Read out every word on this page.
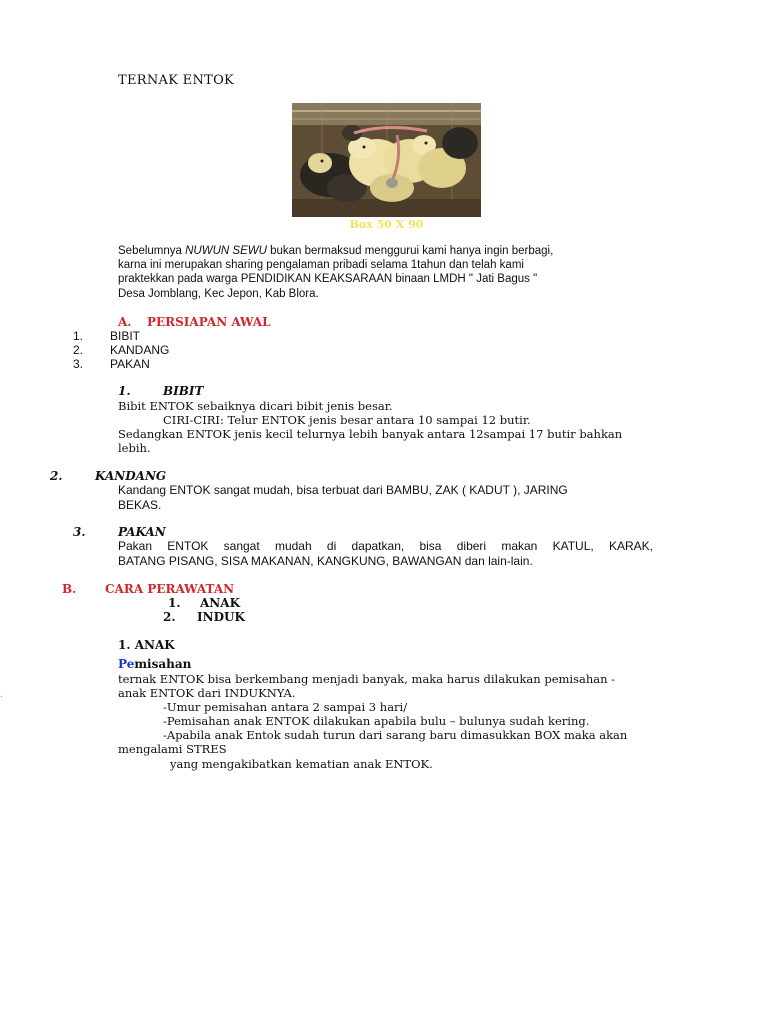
TERNAK ENTOK
Box 50 X 90
Sebelumnya NUWUN SEWU bukan bermaksud menggurui kami hanya ingin berbagi,
karna ini merupakan sharing pengalaman pribadi selama 1tahun dan telah kami
praktekkan pada warga PENDIDIKAN KEAKSARAAN binaan LMDH " Jati Bagus "
Desa Jomblang, Kec Jepon, Kab Blora.
A. PERSIAPAN AWAL
1. BIBIT
2. KANDANG
3. PAKAN
1.	BIBIT
Bibit ENTOK sebaiknya dicari bibit jenis besar.
CIRI-CIRI: Telur ENTOK jenis besar antara 10 sampai 12 butir.
Sedangkan ENTOK jenis kecil telurnya lebih banyak antara 12sampai 17 butir bahkan
lebih.
2.	KANDANG
Kandang ENTOK sangat mudah, bisa terbuat dari BAMBU, ZAK ( KADUT ), JARING
BEKAS.
3.	PAKAN
Pakan ENTOK sangat mudah di dapatkan, bisa diberi makan KATUL, KARAK,
BATANG PISANG, SISA MAKANAN, KANGKUNG, BAWANGAN dan lain-lain.
B. CARA PERAWATAN
1. ANAK
2. INDUK
1. ANAK
Pemisahan
ternak ENTOK bisa berkembang menjadi banyak, maka harus dilakukan pemisahan -
anak ENTOK dari INDUKNYA.
-Umur pemisahan antara 2 sampai 3 hari/
-Pemisahan anak ENTOK dilakukan apabila bulu – bulunya sudah kering.
-Apabila anak Entok sudah turun dari sarang baru dimasukkan BOX maka akan
mengalami STRES
yang mengakibatkan kematian anak ENTOK.
.
